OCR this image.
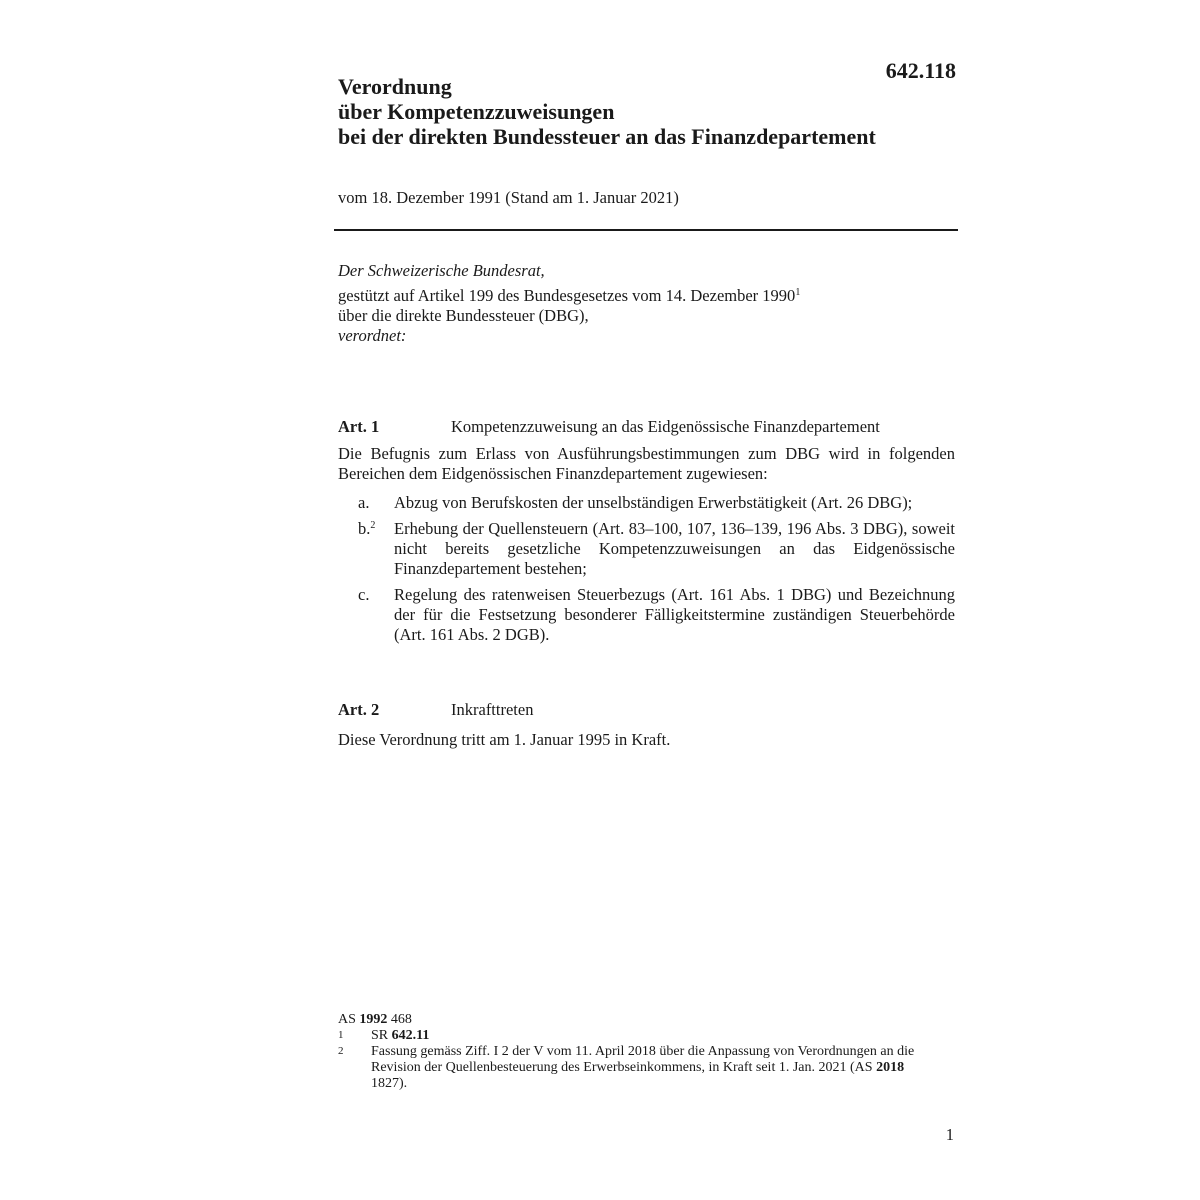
642.118
Verordnung
über Kompetenzzuweisungen
bei der direkten Bundessteuer an das Finanzdepartement
vom 18. Dezember 1991 (Stand am 1. Januar 2021)
Der Schweizerische Bundesrat,
gestützt auf Artikel 199 des Bundesgesetzes vom 14. Dezember 1990$^1$
über die direkte Bundessteuer (DBG),
verordnet:
Art. 1	Kompetenzzuweisung an das Eidgenössische Finanzdepartement
Die Befugnis zum Erlass von Ausführungsbestimmungen zum DBG wird in folgenden Bereichen dem Eidgenössischen Finanzdepartement zugewiesen:
a.	Abzug von Berufskosten der unselbständigen Erwerbstätigkeit (Art. 26 DBG);
b.$^2$	Erhebung der Quellensteuern (Art. 83–100, 107, 136–139, 196 Abs. 3 DBG), soweit nicht bereits gesetzliche Kompetenzzuweisungen an das Eidgenössische Finanzdepartement bestehen;
c.	Regelung des ratenweisen Steuerbezugs (Art. 161 Abs. 1 DBG) und Bezeichnung der für die Festsetzung besonderer Fälligkeitstermine zuständigen Steuerbehörde (Art. 161 Abs. 2 DGB).
Art. 2	Inkrafttreten
Diese Verordnung tritt am 1. Januar 1995 in Kraft.
AS 1992 468
1	SR 642.11
2	Fassung gemäss Ziff. I 2 der V vom 11. April 2018 über die Anpassung von Verordnungen an die Revision der Quellenbesteuerung des Erwerbseinkommens, in Kraft seit 1. Jan. 2021 (AS 2018 1827).
1
